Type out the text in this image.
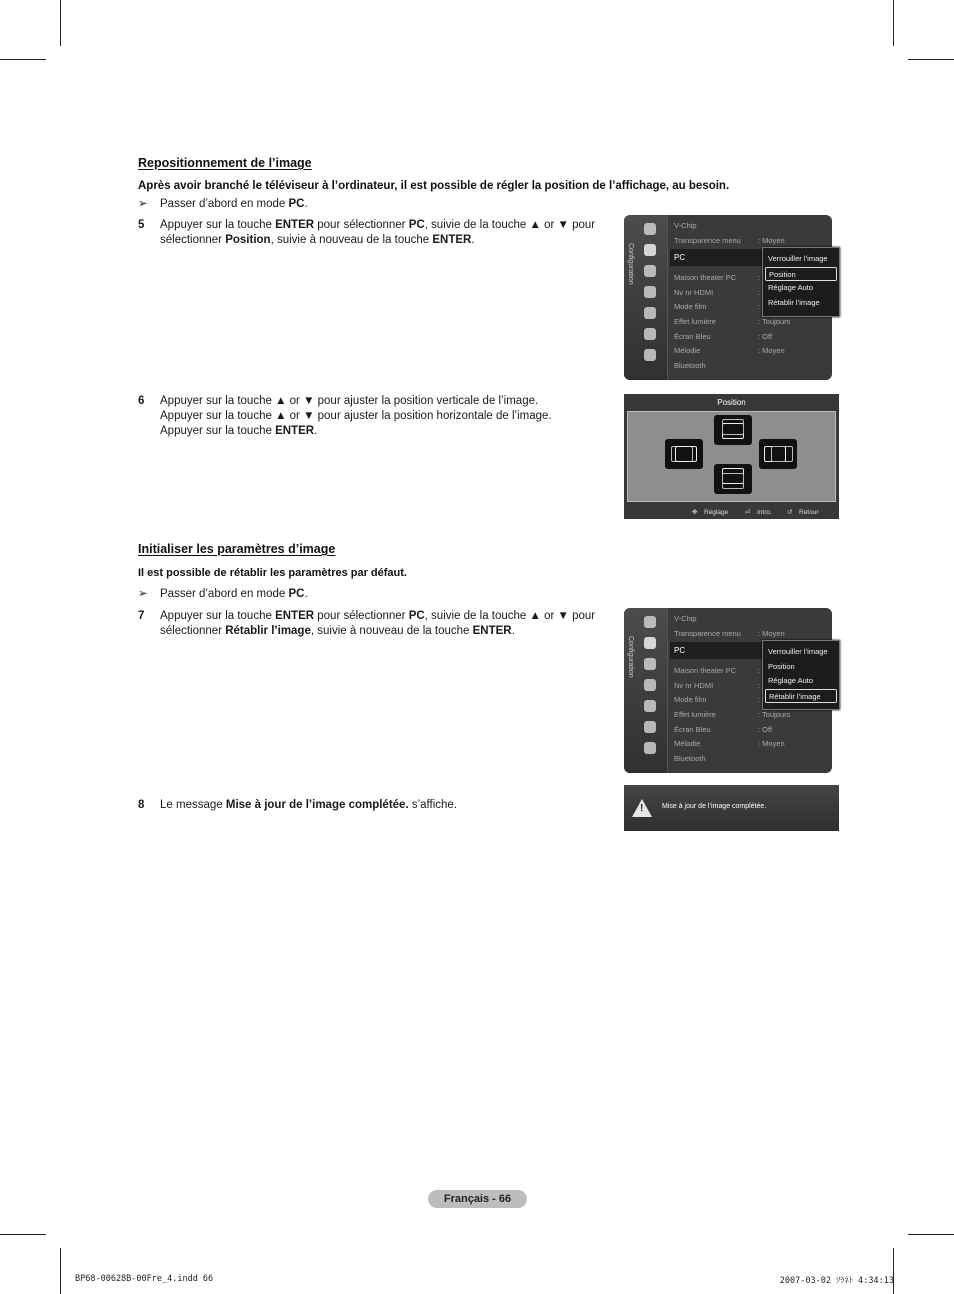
Repositionnement de l’image
Après avoir branché le téléviseur à l’ordinateur, il est possible de régler la position de l’affichage, au besoin.
➢ Passer d’abord en mode PC.
5 Appuyer sur la touche ENTER pour sélectionner PC, suivie de la touche ▲ or ▼ pour sélectionner Position, suivie à nouveau de la touche ENTER.
Configuration
V-Chip
Transparence menu : Moyen
PC
Maison theater PC	:
Nv nr HDMI	:
Mode film	:
Effet lumière	: Toujours
Écran Bleu	: Off
Mélodie	: Moyen
Bluetooth
Verrouiller l’image
Position
Réglage Auto
Rétablir l’image
6 Appuyer sur la touche ▲ or ▼ pour ajuster la position verticale de l’image.
Appuyer sur la touche ▲ or ▼ pour ajuster la position horizontale de l’image.
Appuyer sur la touche ENTER.
Position
✥ Réglage	⏎ Intro. ↺ Retour
Initialiser les paramètres d’image
Il est possible de rétablir les paramètres par défaut.
➢ Passer d’abord en mode PC.
7 Appuyer sur la touche ENTER pour sélectionner PC, suivie de la touche ▲ or ▼ pour sélectionner Rétablir l’image, suivie à nouveau de la touche ENTER.
Configuration
V-Chip
Transparence menu : Moyen
PC
Maison theater PC	:
Nv nr HDMI	:
Mode film	:
Effet lumière	: Toujours
Écran Bleu	: Off
Mélodie	: Moyen
Bluetooth
Verrouiller l’image
Position
Réglage Auto
Rétablir l’image
8 Le message Mise à jour de l’image complétée. s’affiche.	!	Mise à jour de l’image complétée.
Français - 66
BP68-00628B-00Fre_4.indd 66	2007-03-02 ｿﾗﾈﾄ 4:34:13
